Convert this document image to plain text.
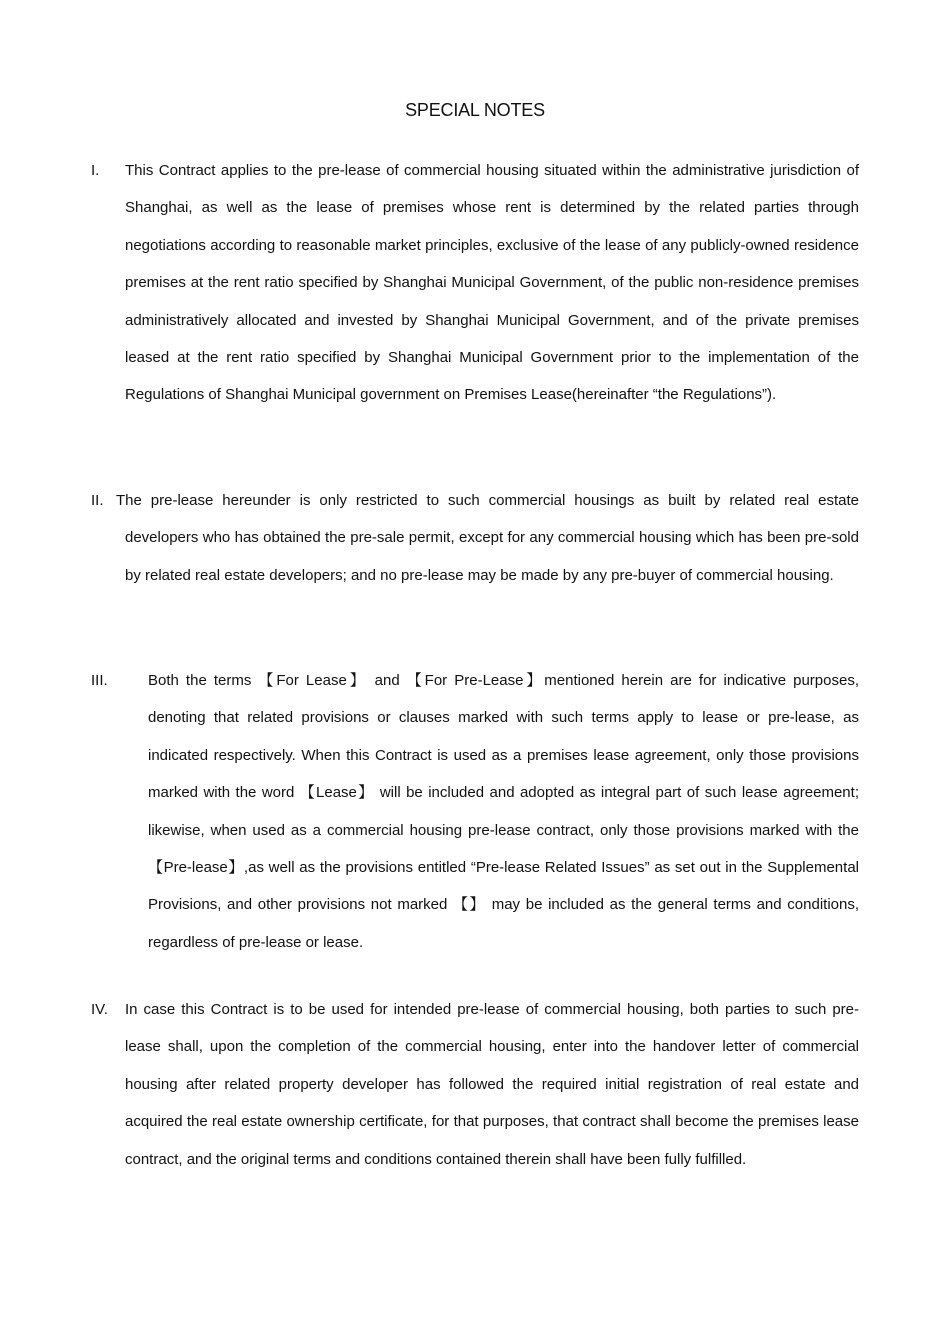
SPECIAL NOTES
I.	This Contract applies to the pre-lease of commercial housing situated within the administrative jurisdiction of Shanghai, as well as the lease of premises whose rent is determined by the related parties through negotiations according to reasonable market principles, exclusive of the lease of any publicly-owned residence premises at the rent ratio specified by Shanghai Municipal Government, of the public non-residence premises administratively allocated and invested by Shanghai Municipal Government, and of the private premises leased at the rent ratio specified by Shanghai Municipal Government prior to the implementation of the Regulations of Shanghai Municipal government on Premises Lease(hereinafter “the Regulations”).

II. The pre-lease hereunder is only restricted to such commercial housings as built by related real estate developers who has obtained the pre-sale permit, except for any commercial housing which has been pre-sold by related real estate developers; and no pre-lease may be made by any pre-buyer of commercial housing.

III.	Both the terms 【For Lease】 and 【For Pre-Lease】mentioned herein are for indicative purposes, denoting that related provisions or clauses marked with such terms apply to lease or pre-lease, as indicated respectively. When this Contract is used as a premises lease agreement, only those provisions marked with the word 【Lease】 will be included and adopted as integral part of such lease agreement; likewise, when used as a commercial housing pre-lease contract, only those provisions marked with the【Pre-lease】,as well as the provisions entitled “Pre-lease Related Issues” as set out in the Supplemental Provisions, and other provisions not marked 【】 may be included as the general terms and conditions, regardless of pre-lease or lease.

IV.	In case this Contract is to be used for intended pre-lease of commercial housing, both parties to such pre-lease shall, upon the completion of the commercial housing, enter into the handover letter of commercial housing after related property developer has followed the required initial registration of real estate and acquired the real estate ownership certificate, for that purposes, that contract shall become the premises lease contract, and the original terms and conditions contained therein shall have been fully fulfilled.
